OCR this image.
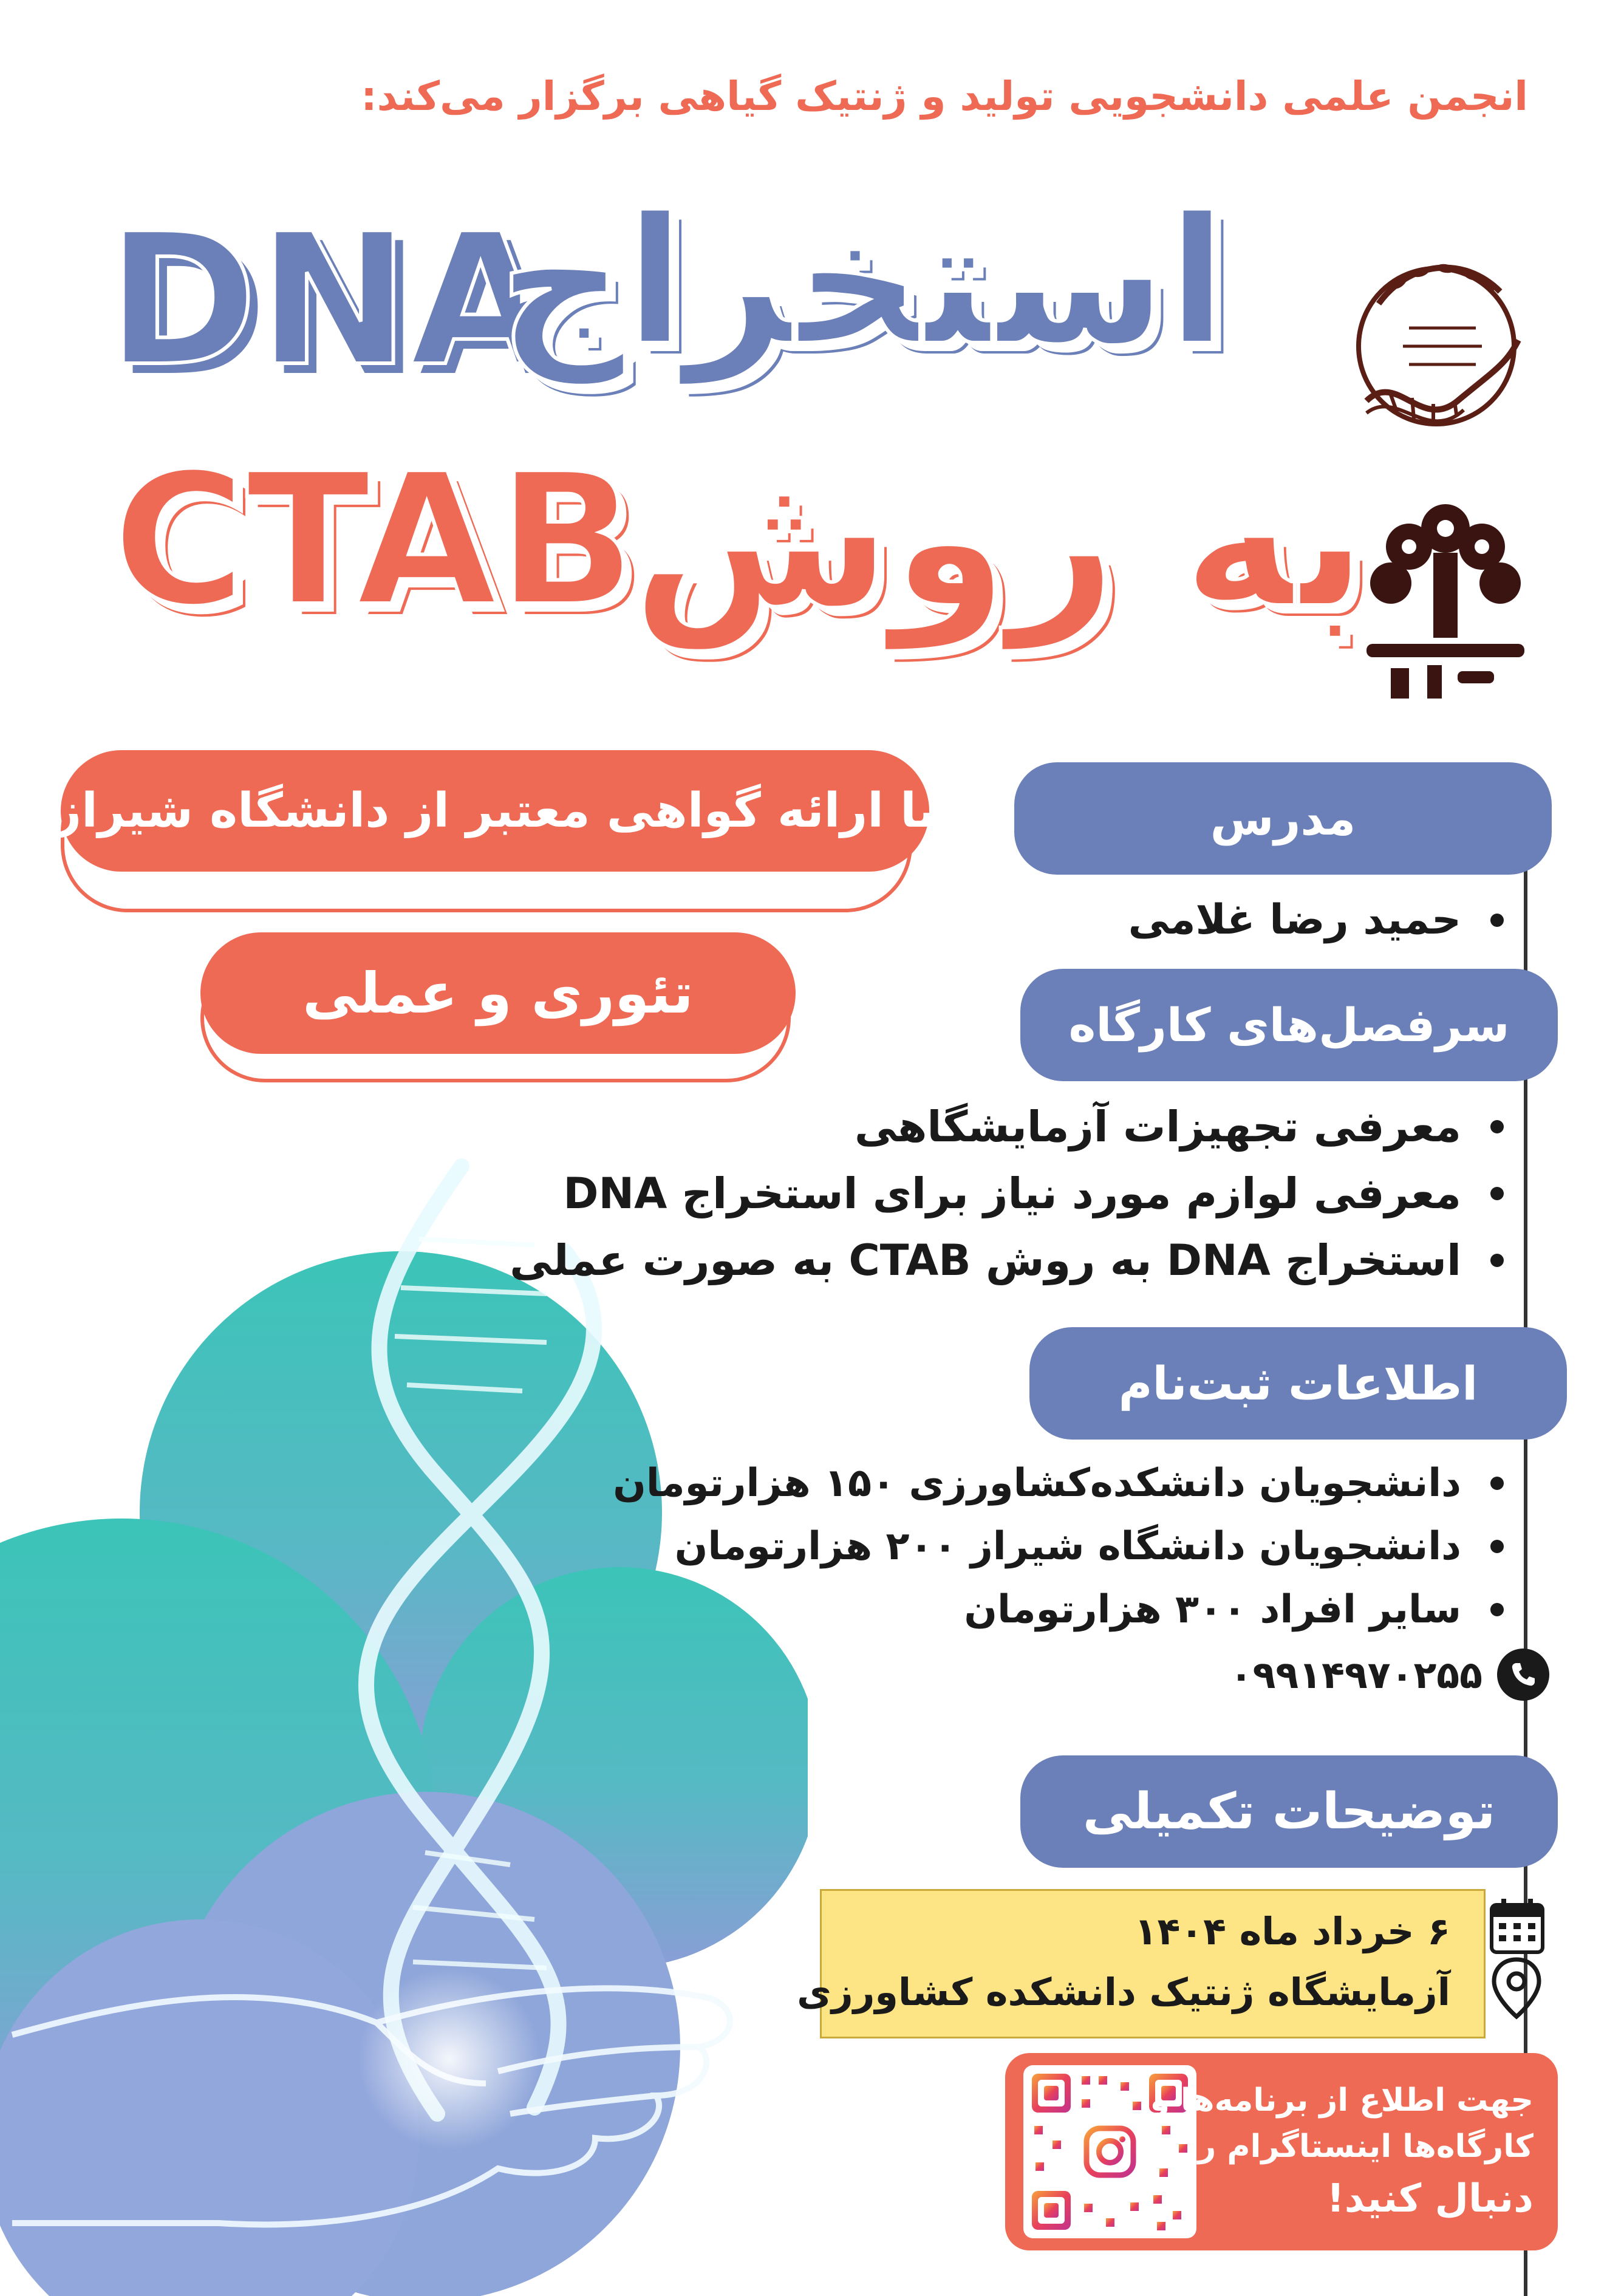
انجمن علمی دانشجویی تولید و ژنتیک گیاهی برگزار می‌کند:
DNA
استخراج
CTAB
به روش
با ارائه گواهی معتبر از دانشگاه شیراز
تئوری و عملی
مدرس
حمید رضا غلامی
سرفصل‌های کارگاه
معرفی تجهیزات آزمایشگاهی
معرفی لوازم مورد نیاز برای استخراج DNA
استخراج DNA به روش CTAB به صورت عملی
اطلاعات ثبت‌نام
دانشجویان دانشکده‌کشاورزی ۱۵۰ هزارتومان
دانشجویان دانشگاه شیراز ۲۰۰ هزارتومان
سایر افراد ۳۰۰ هزارتومان
۰۹۹۱۴۹۷۰۲۵۵
توضیحات تکمیلی
۶ خرداد ماه ۱۴۰۴
آزمایشگاه ژنتیک دانشکده کشاورزی
جهت اطلاع از برنامه‌ها و
کارگاه‌ها اینستاگرام را
دنبال کنید!
